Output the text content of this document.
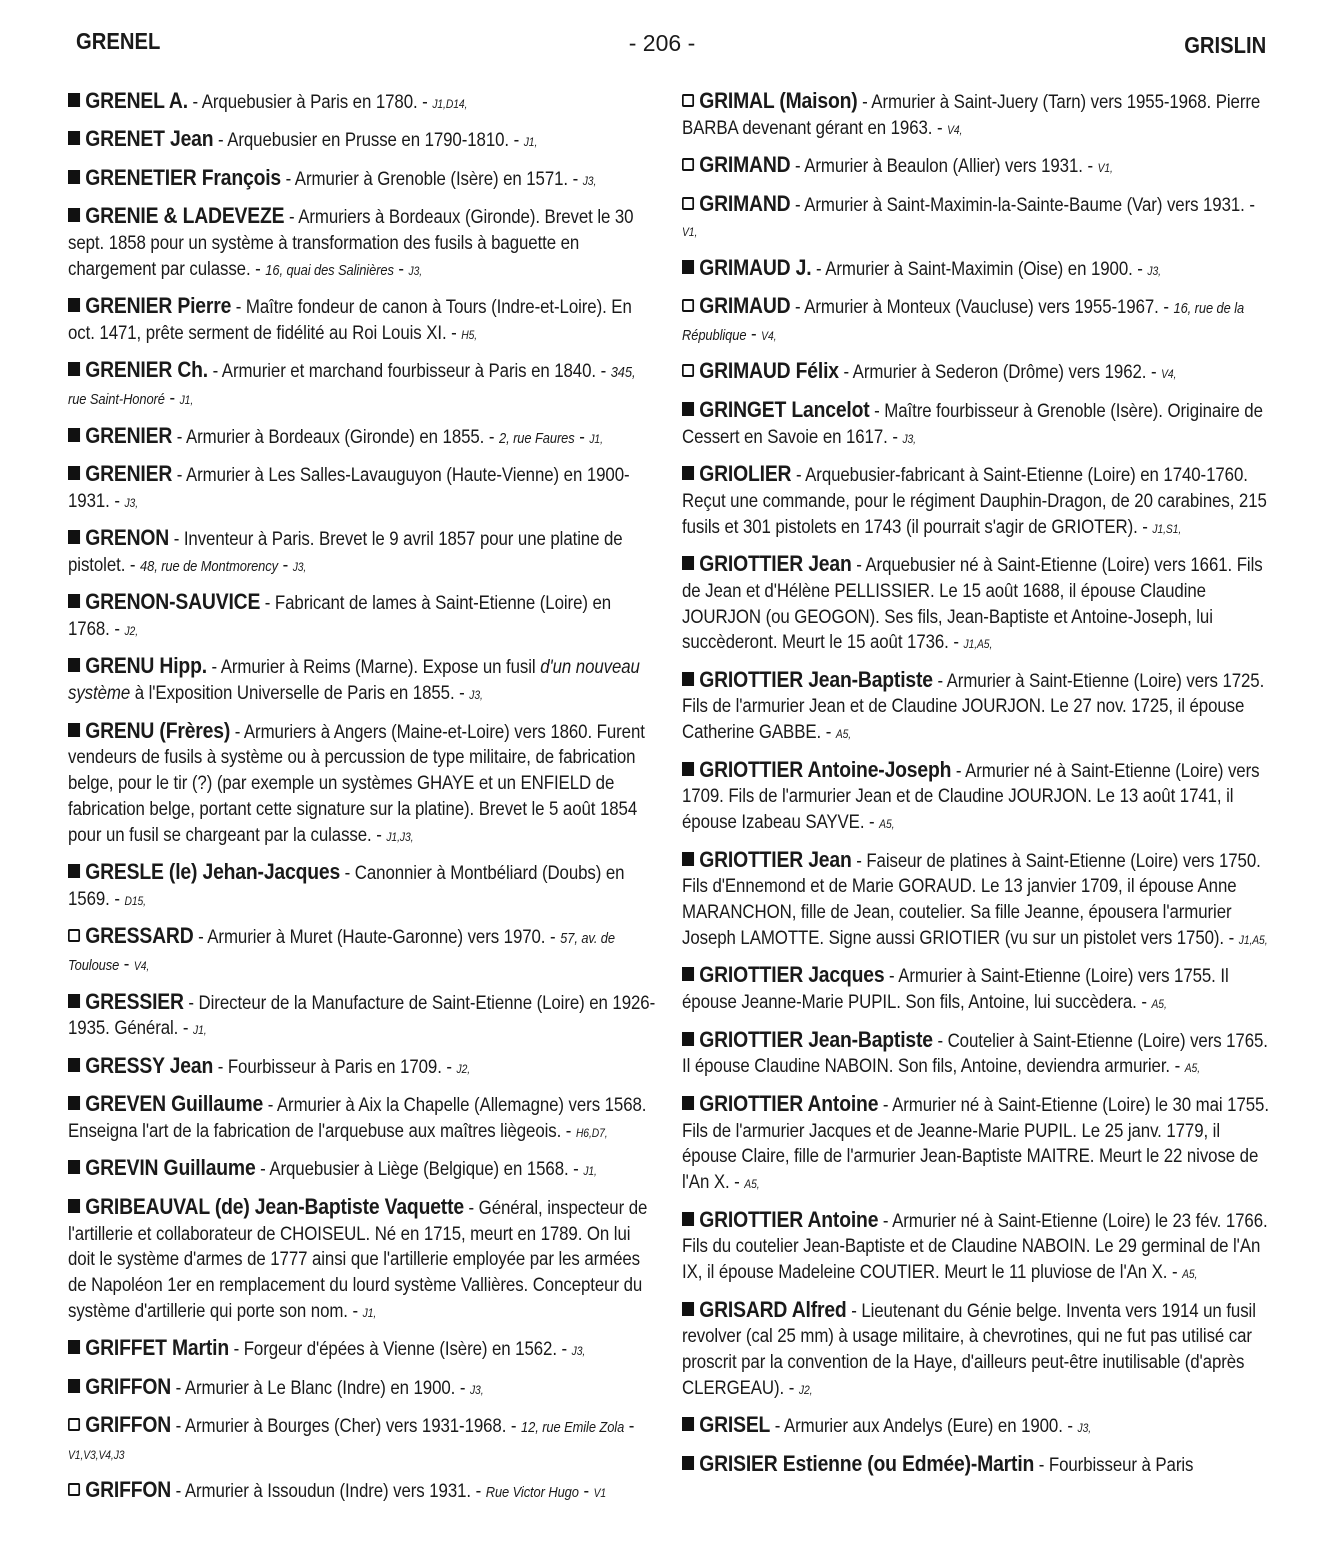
GRENEL	- 206 -	GRISLIN
GRENEL A. - Arquebusier à Paris en 1780. - J1,D14,
GRENET Jean - Arquebusier en Prusse en 1790-1810. - J1,
GRENETIER François - Armurier à Grenoble (Isère) en 1571. - J3,
GRENIE & LADEVEZE - Armuriers à Bordeaux (Gironde). Brevet le 30 sept. 1858 pour un système à transformation des fusils à baguette en chargement par culasse. - 16, quai des Salinières - J3,
GRENIER Pierre - Maître fondeur de canon à Tours (Indre-et-Loire). En oct. 1471, prête serment de fidélité au Roi Louis XI. - H5,
GRENIER Ch. - Armurier et marchand fourbisseur à Paris en 1840. - 345, rue Saint-Honoré - J1,
GRENIER - Armurier à Bordeaux (Gironde) en 1855. - 2, rue Faures - J1,
GRENIER - Armurier à Les Salles-Lavauguyon (Haute-Vienne) en 1900-1931. - J3,
GRENON - Inventeur à Paris. Brevet le 9 avril 1857 pour une platine de pistolet. - 48, rue de Montmorency - J3,
GRENON-SAUVICE - Fabricant de lames à Saint-Etienne (Loire) en 1768. - J2,
GRENU Hipp. - Armurier à Reims (Marne). Expose un fusil d'un nouveau système à l'Exposition Universelle de Paris en 1855. - J3,
GRENU (Frères) - Armuriers à Angers (Maine-et-Loire) vers 1860. Furent vendeurs de fusils à système ou à percussion de type militaire, de fabrication belge, pour le tir (?) (par exemple un systèmes GHAYE et un ENFIELD de fabrication belge, portant cette signature sur la platine). Brevet le 5 août 1854 pour un fusil se chargeant par la culasse. - J1,J3,
GRESLE (le) Jehan-Jacques - Canonnier à Montbéliard (Doubs) en 1569. - D15,
GRESSARD - Armurier à Muret (Haute-Garonne) vers 1970. - 57, av. de Toulouse - V4,
GRESSIER - Directeur de la Manufacture de Saint-Etienne (Loire) en 1926-1935. Général. - J1,
GRESSY Jean - Fourbisseur à Paris en 1709. - J2,
GREVEN Guillaume - Armurier à Aix la Chapelle (Allemagne) vers 1568. Enseigna l'art de la fabrication de l'arquebuse aux maîtres liègeois. - H6,D7,
GREVIN Guillaume - Arquebusier à Liège (Belgique) en 1568. - J1,
GRIBEAUVAL (de) Jean-Baptiste Vaquette - Général, inspecteur de l'artillerie et collaborateur de CHOISEUL. Né en 1715, meurt en 1789. On lui doit le système d'armes de 1777 ainsi que l'artillerie employée par les armées de Napoléon 1er en remplacement du lourd système Vallières. Concepteur du système d'artillerie qui porte son nom. - J1,
GRIFFET Martin - Forgeur d'épées à Vienne (Isère) en 1562. - J3,
GRIFFON - Armurier à Le Blanc (Indre) en 1900. - J3,
GRIFFON - Armurier à Bourges (Cher) vers 1931-1968. - 12, rue Emile Zola - V1,V3,V4,J3
GRIFFON - Armurier à Issoudun (Indre) vers 1931. - Rue Victor Hugo - V1
GRIMAL (Maison) - Armurier à Saint-Juery (Tarn) vers 1955-1968. Pierre BARBA devenant gérant en 1963. - V4,
GRIMAND - Armurier à Beaulon (Allier) vers 1931. - V1,
GRIMAND - Armurier à Saint-Maximin-la-Sainte-Baume (Var) vers 1931. - V1,
GRIMAUD J. - Armurier à Saint-Maximin (Oise) en 1900. - J3,
GRIMAUD - Armurier à Monteux (Vaucluse) vers 1955-1967. - 16, rue de la République - V4,
GRIMAUD Félix - Armurier à Sederon (Drôme) vers 1962. - V4,
GRINGET Lancelot - Maître fourbisseur à Grenoble (Isère). Originaire de Cessert en Savoie en 1617. - J3,
GRIOLIER - Arquebusier-fabricant à Saint-Etienne (Loire) en 1740-1760. Reçut une commande, pour le régiment Dauphin-Dragon, de 20 carabines, 215 fusils et 301 pistolets en 1743 (il pourrait s'agir de GRIOTER). - J1,S1,
GRIOTTIER Jean - Arquebusier né à Saint-Etienne (Loire) vers 1661. Fils de Jean et d'Hélène PELLISSIER. Le 15 août 1688, il épouse Claudine JOURJON (ou GEOGON). Ses fils, Jean-Baptiste et Antoine-Joseph, lui succèderont. Meurt le 15 août 1736. - J1,A5,
GRIOTTIER Jean-Baptiste - Armurier à Saint-Etienne (Loire) vers 1725. Fils de l'armurier Jean et de Claudine JOURJON. Le 27 nov. 1725, il épouse Catherine GABBE. - A5,
GRIOTTIER Antoine-Joseph - Armurier né à Saint-Etienne (Loire) vers 1709. Fils de l'armurier Jean et de Claudine JOURJON. Le 13 août 1741, il épouse Izabeau SAYVE. - A5,
GRIOTTIER Jean - Faiseur de platines à Saint-Etienne (Loire) vers 1750. Fils d'Ennemond et de Marie GORAUD. Le 13 janvier 1709, il épouse Anne MARANCHON, fille de Jean, coutelier. Sa fille Jeanne, épousera l'armurier Joseph LAMOTTE. Signe aussi GRIOTIER (vu sur un pistolet vers 1750). - J1,A5,
GRIOTTIER Jacques - Armurier à Saint-Etienne (Loire) vers 1755. Il épouse Jeanne-Marie PUPIL. Son fils, Antoine, lui succèdera. - A5,
GRIOTTIER Jean-Baptiste - Coutelier à Saint-Etienne (Loire) vers 1765. Il épouse Claudine NABOIN. Son fils, Antoine, deviendra armurier. - A5,
GRIOTTIER Antoine - Armurier né à Saint-Etienne (Loire) le 30 mai 1755. Fils de l'armurier Jacques et de Jeanne-Marie PUPIL. Le 25 janv. 1779, il épouse Claire, fille de l'armurier Jean-Baptiste MAITRE. Meurt le 22 nivose de l'An X. - A5,
GRIOTTIER Antoine - Armurier né à Saint-Etienne (Loire) le 23 fév. 1766. Fils du coutelier Jean-Baptiste et de Claudine NABOIN. Le 29 germinal de l'An IX, il épouse Madeleine COUTIER. Meurt le 11 pluviose de l'An X. - A5,
GRISARD Alfred - Lieutenant du Génie belge. Inventa vers 1914 un fusil revolver (cal 25 mm) à usage militaire, à chevrotines, qui ne fut pas utilisé car proscrit par la convention de la Haye, d'ailleurs peut-être inutilisable (d'après CLERGEAU). - J2,
GRISEL - Armurier aux Andelys (Eure) en 1900. - J3,
GRISIER Estienne (ou Edmée)-Martin - Fourbisseur à Paris
